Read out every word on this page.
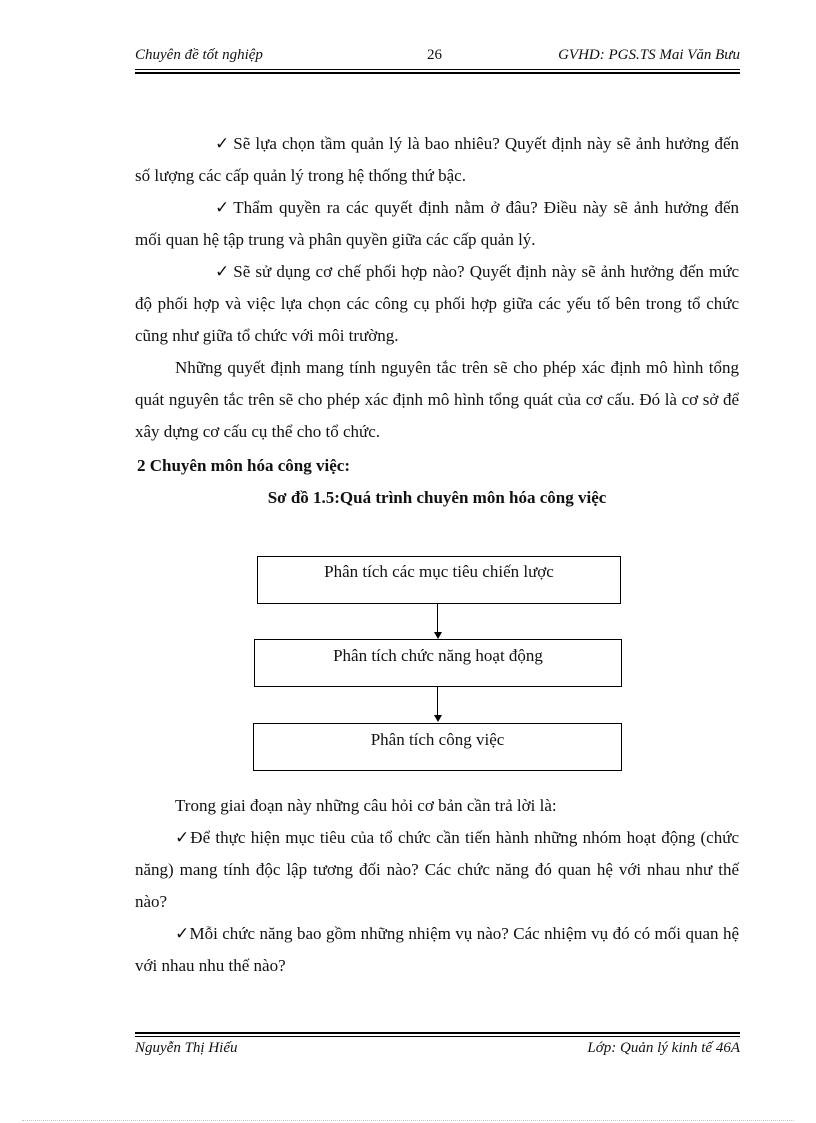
Chuyên đề tốt nghiệp	26	GVHD: PGS.TS Mai Văn Bưu

✓ Sẽ lựa chọn tầm quản lý là bao nhiêu? Quyết định này sẽ ảnh hưởng đến số lượng các cấp quản lý trong hệ thống thứ bậc.

✓ Thẩm quyền ra các quyết định nằm ở đâu? Điều này sẽ ảnh hưởng đến mối quan hệ tập trung và phân quyền giữa các cấp quản lý.

✓ Sẽ sử dụng cơ chế phối hợp nào? Quyết định này sẽ ảnh hưởng đến mức độ phối hợp và việc lựa chọn các công cụ phối hợp giữa các yếu tố bên trong tổ chức cũng như giữa tổ chức với môi trường.

Những quyết định mang tính nguyên tắc trên sẽ cho phép xác định mô hình tổng quát nguyên tắc trên sẽ cho phép xác định mô hình tổng quát của cơ cấu. Đó là cơ sở để xây dựng cơ cấu cụ thể cho tổ chức.

2 Chuyên môn hóa công việc:
Sơ đồ 1.5:Quá trình chuyên môn hóa công việc
Phân tích các mục tiêu chiến lược
Phân tích chức năng hoạt động
Phân tích công việc

Trong giai đoạn này những câu hỏi cơ bản cần trả lời là:

✓Để thực hiện mục tiêu của tổ chức cần tiến hành những nhóm hoạt động (chức năng) mang tính độc lập tương đối nào? Các chức năng đó quan hệ với nhau như thế nào?

✓Mỗi chức năng bao gồm những nhiệm vụ nào? Các nhiệm vụ đó có mối quan hệ với nhau nhu thế nào?

Nguyễn Thị Hiếu	Lớp: Quản lý kinh tế 46A
